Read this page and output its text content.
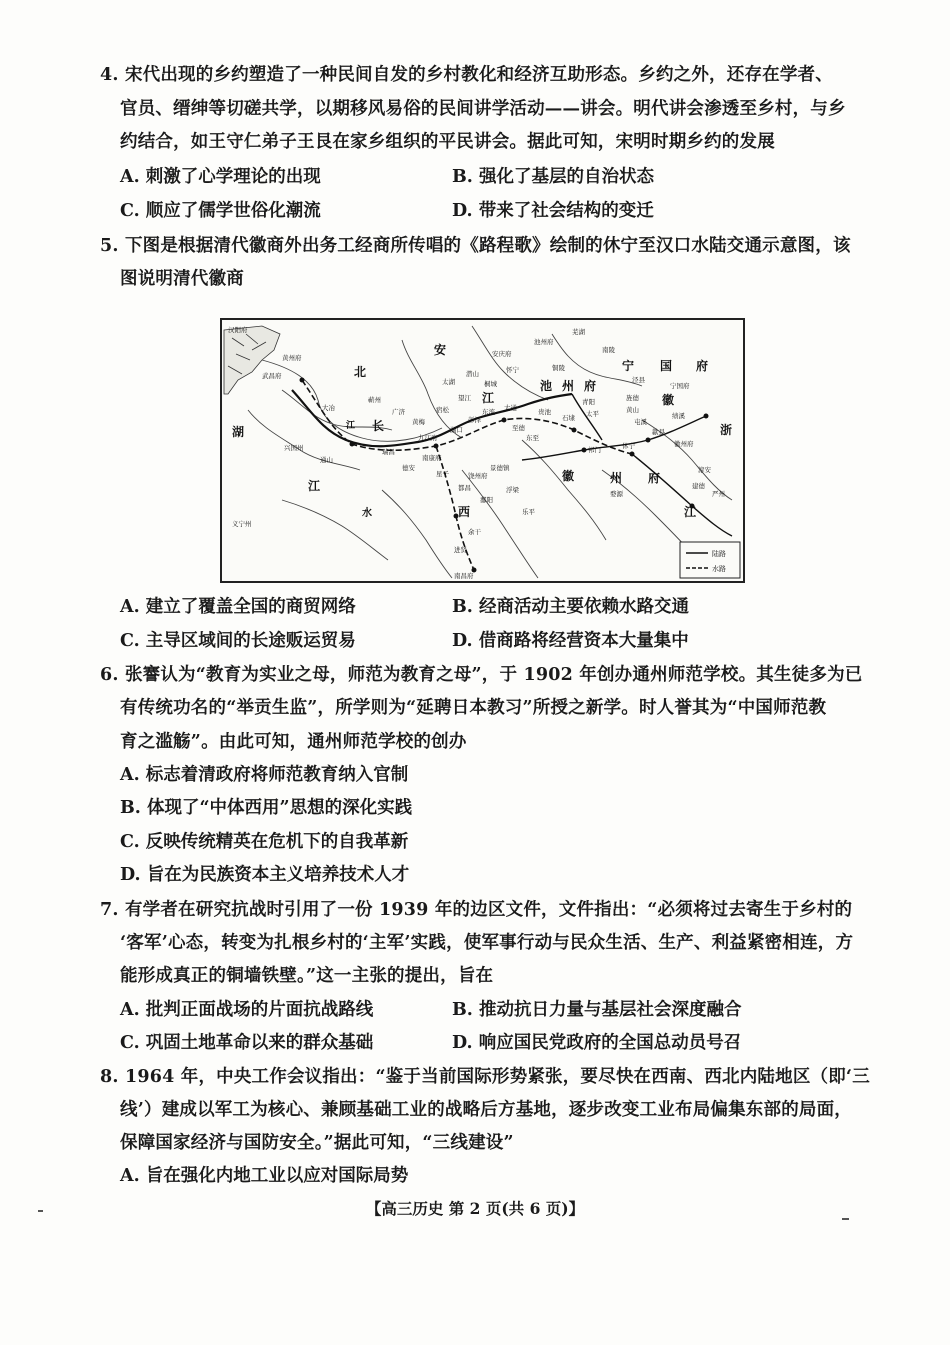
4. 宋代出现的乡约塑造了一种民间自发的乡村教化和经济互助形态。乡约之外，还存在学者、
官员、缙绅等切磋共学，以期移风易俗的民间讲学活动——讲会。明代讲会渗透至乡村，与乡
约结合，如王守仁弟子王艮在家乡组织的平民讲会。据此可知，宋明时期乡约的发展
A. 刺激了心学理论的出现	B. 强化了基层的自治状态
C. 顺应了儒学世俗化潮流	D. 带来了社会结构的变迁
5. 下图是根据清代徽商外出务工经商所传唱的《路程歌》绘制的休宁至汉口水陆交通示意图，该
图说明清代徽商
安
北
湖
江
西
江
池 州 府
宁 国 府
徽
徽	州 府
浙
江
长
江
水
汉阳府
黄州府
武昌府
安庆府
池州府
九江府
南康府
饶州府
南昌府
景德镇
休宁
歙县
祁门
婺源
屯溪
黄山
淳安
严州
建德
义宁州
兴国州
湖口
彭泽
东流 大通	贵池
石埭 太平
旌德
绩溪
南陵
泾县
宁国府
徽州府
芜湖
铜陵
青阳
至德
浮梁
乐平
鄱阳
余干
进贤
都昌
星子
德安
瑞昌
通山
大冶
蕲州
广济
黄梅
宿松
望江
太湖
潜山
桐城
怀宁
东至
陆路
水路
A. 建立了覆盖全国的商贸网络	B. 经商活动主要依赖水路交通
C. 主导区域间的长途贩运贸易	D. 借商路将经营资本大量集中
6. 张謇认为“教育为实业之母，师范为教育之母”，于 1902 年创办通州师范学校。其生徒多为已
有传统功名的“举贡生监”，所学则为“延聘日本教习”所授之新学。时人誉其为“中国师范教
育之滥觞”。由此可知，通州师范学校的创办
A. 标志着清政府将师范教育纳入官制
B. 体现了“中体西用”思想的深化实践
C. 反映传统精英在危机下的自我革新
D. 旨在为民族资本主义培养技术人才
7. 有学者在研究抗战时引用了一份 1939 年的边区文件，文件指出：“必须将过去寄生于乡村的
‘客军’心态，转变为扎根乡村的‘主军’实践，使军事行动与民众生活、生产、利益紧密相连，方
能形成真正的铜墙铁壁。”这一主张的提出，旨在
A. 批判正面战场的片面抗战路线	B. 推动抗日力量与基层社会深度融合
C. 巩固土地革命以来的群众基础	D. 响应国民党政府的全国总动员号召
8. 1964 年，中央工作会议指出：“鉴于当前国际形势紧张，要尽快在西南、西北内陆地区（即‘三
线’）建成以军工为核心、兼顾基础工业的战略后方基地，逐步改变工业布局偏集东部的局面，
保障国家经济与国防安全。”据此可知，“三线建设”
A. 旨在强化内地工业以应对国际局势
【高三历史 第 2 页(共 6 页)】
